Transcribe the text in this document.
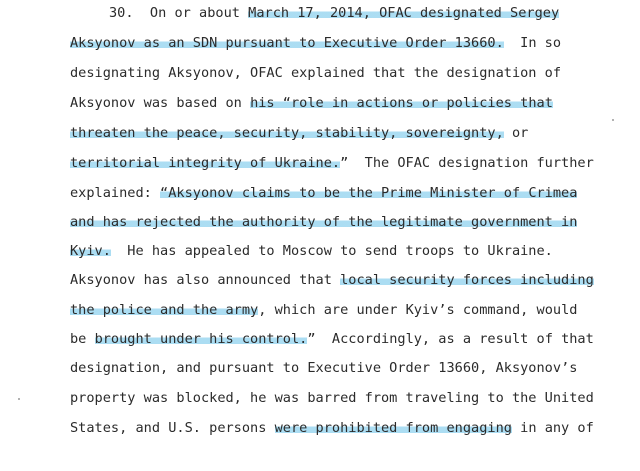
30.  On or about March 17, 2014, OFAC designated Sergey
Aksyonov as an SDN pursuant to Executive Order 13660.  In so
designating Aksyonov, OFAC explained that the designation of
Aksyonov was based on his “role in actions or policies that
threaten the peace, security, stability, sovereignty, or
territorial integrity of Ukraine.”  The OFAC designation further
explained: “Aksyonov claims to be the Prime Minister of Crimea
and has rejected the authority of the legitimate government in
Kyiv.  He has appealed to Moscow to send troops to Ukraine.
Aksyonov has also announced that local security forces including
the police and the army, which are under Kyiv’s command, would
be brought under his control.”  Accordingly, as a result of that
designation, and pursuant to Executive Order 13660, Aksyonov’s
property was blocked, he was barred from traveling to the United
States, and U.S. persons were prohibited from engaging in any of
